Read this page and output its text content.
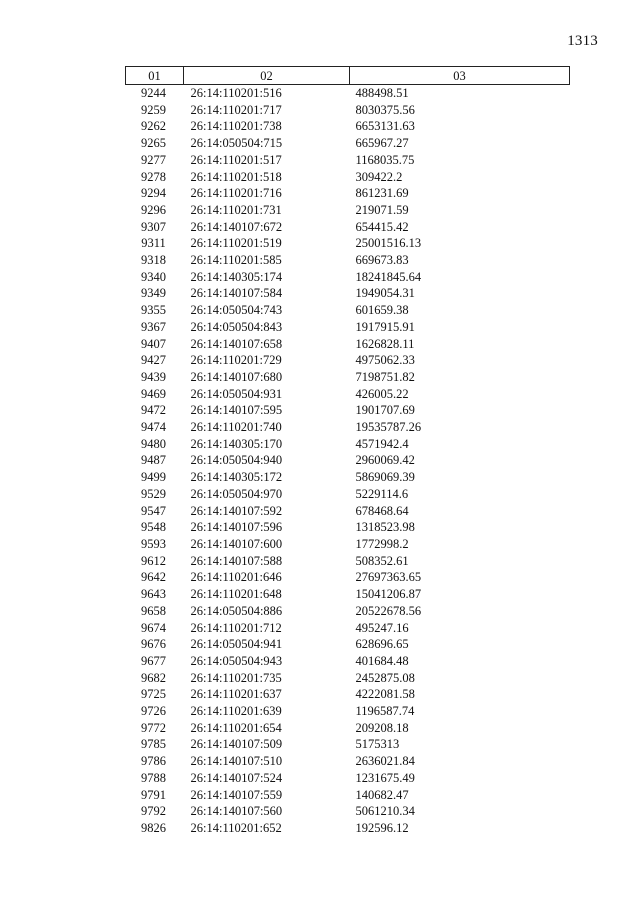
1313
01	02	03
9244	26:14:110201:516	488498.51
9259	26:14:110201:717	8030375.56
9262	26:14:110201:738	6653131.63
9265	26:14:050504:715	665967.27
9277	26:14:110201:517	1168035.75
9278	26:14:110201:518	309422.2
9294	26:14:110201:716	861231.69
9296	26:14:110201:731	219071.59
9307	26:14:140107:672	654415.42
9311	26:14:110201:519	25001516.13
9318	26:14:110201:585	669673.83
9340	26:14:140305:174	18241845.64
9349	26:14:140107:584	1949054.31
9355	26:14:050504:743	601659.38
9367	26:14:050504:843	1917915.91
9407	26:14:140107:658	1626828.11
9427	26:14:110201:729	4975062.33
9439	26:14:140107:680	7198751.82
9469	26:14:050504:931	426005.22
9472	26:14:140107:595	1901707.69
9474	26:14:110201:740	19535787.26
9480	26:14:140305:170	4571942.4
9487	26:14:050504:940	2960069.42
9499	26:14:140305:172	5869069.39
9529	26:14:050504:970	5229114.6
9547	26:14:140107:592	678468.64
9548	26:14:140107:596	1318523.98
9593	26:14:140107:600	1772998.2
9612	26:14:140107:588	508352.61
9642	26:14:110201:646	27697363.65
9643	26:14:110201:648	15041206.87
9658	26:14:050504:886	20522678.56
9674	26:14:110201:712	495247.16
9676	26:14:050504:941	628696.65
9677	26:14:050504:943	401684.48
9682	26:14:110201:735	2452875.08
9725	26:14:110201:637	4222081.58
9726	26:14:110201:639	1196587.74
9772	26:14:110201:654	209208.18
9785	26:14:140107:509	5175313
9786	26:14:140107:510	2636021.84
9788	26:14:140107:524	1231675.49
9791	26:14:140107:559	140682.47
9792	26:14:140107:560	5061210.34
9826	26:14:110201:652	192596.12
